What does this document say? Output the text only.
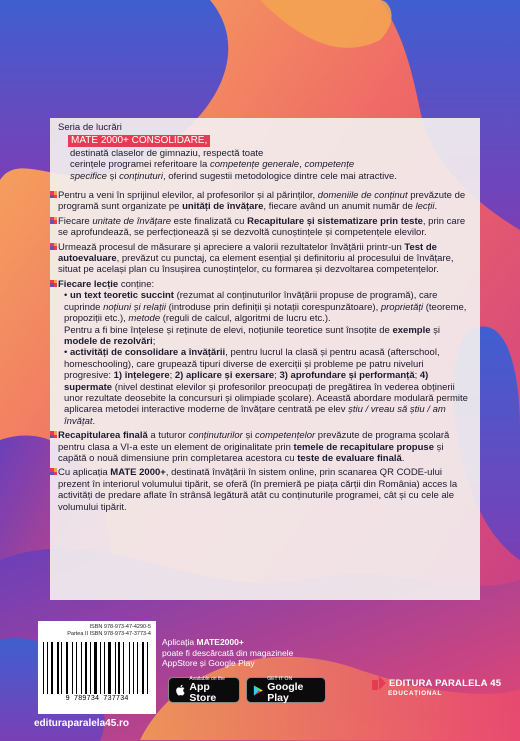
Seria de lucrări
MATE 2000+ CONSOLIDARE,
destinată claselor de gimnaziu, respectă toate
cerințele programei referitoare la competențe generale, competențe
specifice și conținuturi, oferind sugestii metodologice dintre cele mai atractive.
Pentru a veni în sprijinul elevilor, al profesorilor și al părinților, domeniile de conținut prevăzute de programă sunt organizate pe unități de învățare, fiecare având un anumit număr de lecții.
Fiecare unitate de învățare este finalizată cu Recapitulare și sistematizare prin teste, prin care se aprofundează, se perfecționează și se dezvoltă cunoștințele și competențele elevilor.
Urmează procesul de măsurare și apreciere a valorii rezultatelor învățării printr-un Test de autoevaluare, prevăzut cu punctaj, ca element esențial și definitoriu al procesului de învățare, situat pe același plan cu însușirea cunoștințelor, cu formarea și dezvoltarea competențelor.
Fiecare lecție conține:
• un text teoretic succint (rezumat al conținuturilor învățării propuse de programă), care cuprinde noțiuni și relații (introduse prin definiții și notații corespunzătoare), proprietăți (teoreme, propoziții etc.), metode (reguli de calcul, algoritmi de lucru etc.).
Pentru a fi bine înțelese și reținute de elevi, noțiunile teoretice sunt însoțite de exemple și modele de rezolvări;
• activități de consolidare a învățării, pentru lucrul la clasă și pentru acasă (afterschool, homeschooling), care grupează tipuri diverse de exerciții și probleme pe patru niveluri progresive: 1) înțelegere; 2) aplicare și exersare; 3) aprofundare și performanță; 4) supermate (nivel destinat elevilor și profesorilor preocupați de pregătirea în vederea obținerii unor rezultate deosebite la concursuri și olimpiade școlare). Această abordare modulară permite aplicarea metodei interactive moderne de învățare centrată pe elev știu / vreau să știu / am învățat.
Recapitularea finală a tuturor conținuturilor și competențelor prevăzute de programa școlară pentru clasa a VI-a este un element de originalitate prin temele de recapitulare propuse și capătă o nouă dimensiune prin completarea acestora cu teste de evaluare finală.
Cu aplicația MATE 2000+, destinată învățării în sistem online, prin scanarea QR CODE-ului prezent în interiorul volumului tipărit, se oferă (în premieră pe piața cărții din România) acces la activități de predare aflate în strânsă legătură atât cu conținuturile programei, cât și cu cele ale volumului tipărit.
ISBN 978-973-47-4290-5
Partea II ISBN 978-973-47-3773-4
9 789734 737734
edituraparalela45.ro
Aplicația MATE2000+
poate fi descărcată din magazinele
AppStore și Google Play
Available on the
App Store
GET IT ON
Google Play
EDITURA PARALELA 45
EDUCAȚIONAL
